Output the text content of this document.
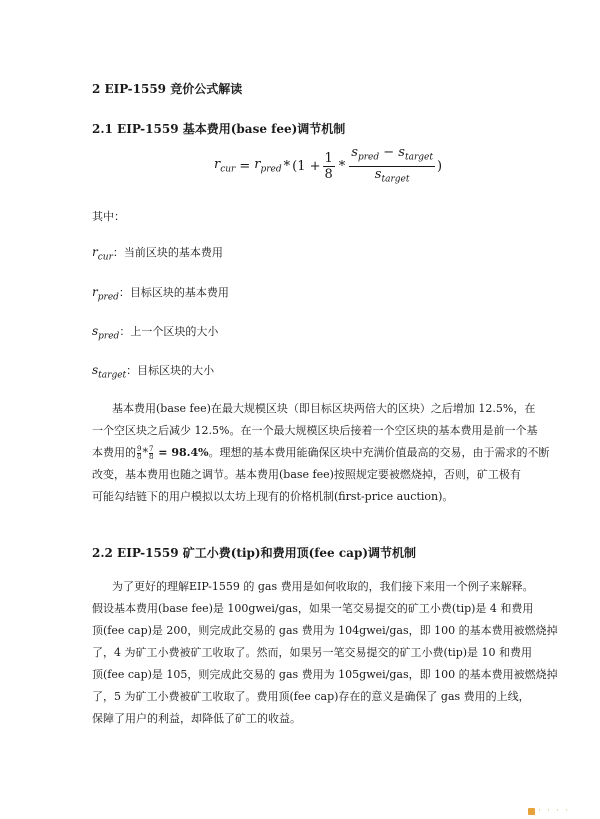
2 EIP-1559 竞价公式解读
2.1 EIP-1559 基本费用(base fee)调节机制
$r_{cur} = r_{pred} * (1 + \frac{1}{8} * \frac{s_{pred} - s_{target}}{s_{target}}$ )
其中：
$r_{cur}$：当前区块的基本费用
$r_{pred}$：目标区块的基本费用
$s_{pred}$：上一个区块的大小
$s_{target}$：目标区块的大小
基本费用(base fee)在最大规模区块（即目标区块两倍大的区块）之后增加 12.5%，在
一个空区块之后减少 12.5%。在一个最大规模区块后接着一个空区块的基本费用是前一个基
本费用的 $\frac{9}{8} * \frac{7}{8} = 98.4\%$。理想的基本费用能确保区块中充满价值最高的交易，由于需求的不断
改变，基本费用也随之调节。基本费用(base fee)按照规定要被燃烧掉，否则，矿工极有
可能勾结链下的用户模拟以太坊上现有的价格机制(first-price auction)。
2.2 EIP-1559 矿工小费(tip)和费用顶(fee cap)调节机制
为了更好的理解EIP-1559 的 gas 费用是如何收取的，我们接下来用一个例子来解释。
假设基本费用(base fee)是 100gwei/gas，如果一笔交易提交的矿工小费(tip)是 4 和费用
顶(fee cap)是 200，则完成此交易的 gas 费用为 104gwei/gas，即 100 的基本费用被燃烧掉
了，4 为矿工小费被矿工收取了。然而，如果另一笔交易提交的矿工小费(tip)是 10 和费用
顶(fee cap)是 105，则完成此交易的 gas 费用为 105gwei/gas，即 100 的基本费用被燃烧掉
了，5 为矿工小费被矿工收取了。费用顶(fee cap)存在的意义是确保了 gas 费用的上线，
保障了用户的利益，却降低了矿工的收益。
· · · ·
